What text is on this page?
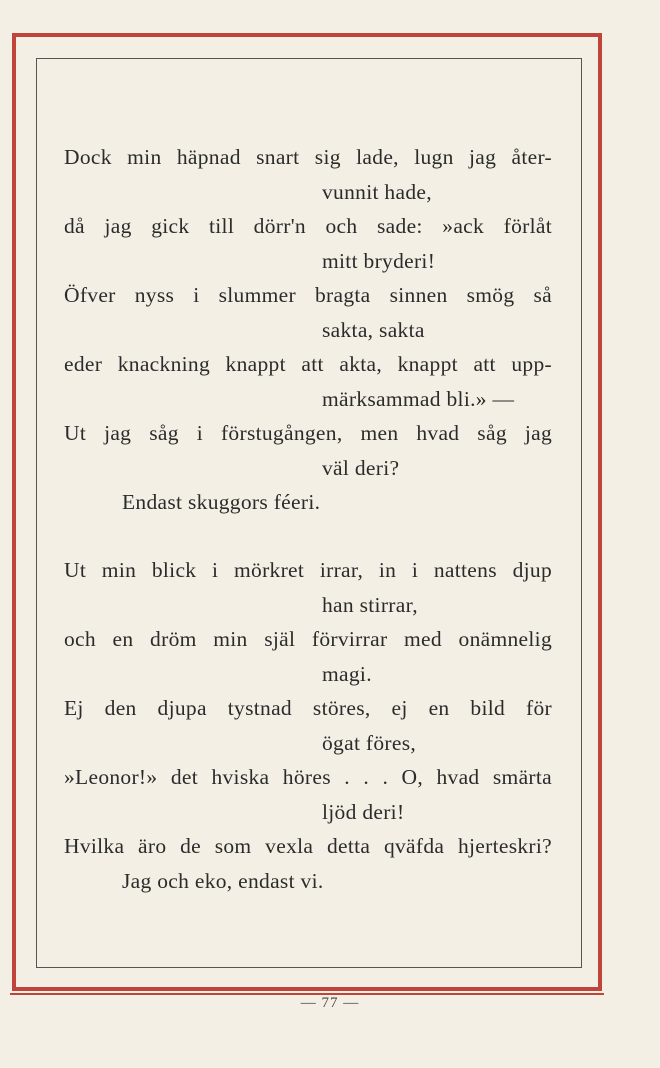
Dock min häpnad snart sig lade, lugn jag åter-
vunnit hade,
då jag gick till dörr'n och sade: »ack förlåt
mitt bryderi!
Öfver nyss i slummer bragta sinnen smög så
sakta, sakta
eder knackning knappt att akta, knappt att upp-
märksammad bli.» —
Ut jag såg i förstugången, men hvad såg jag
väl deri?
Endast skuggors féeri.
Ut min blick i mörkret irrar, in i nattens djup
han stirrar,
och en dröm min själ förvirrar med onämnelig
magi.
Ej den djupa tystnad störes, ej en bild för
ögat föres,
»Leonor!» det hviska höres . . . O, hvad smärta
ljöd deri!
Hvilka äro de som vexla detta qväfda hjerteskri?
Jag och eko, endast vi.
— 77 —
